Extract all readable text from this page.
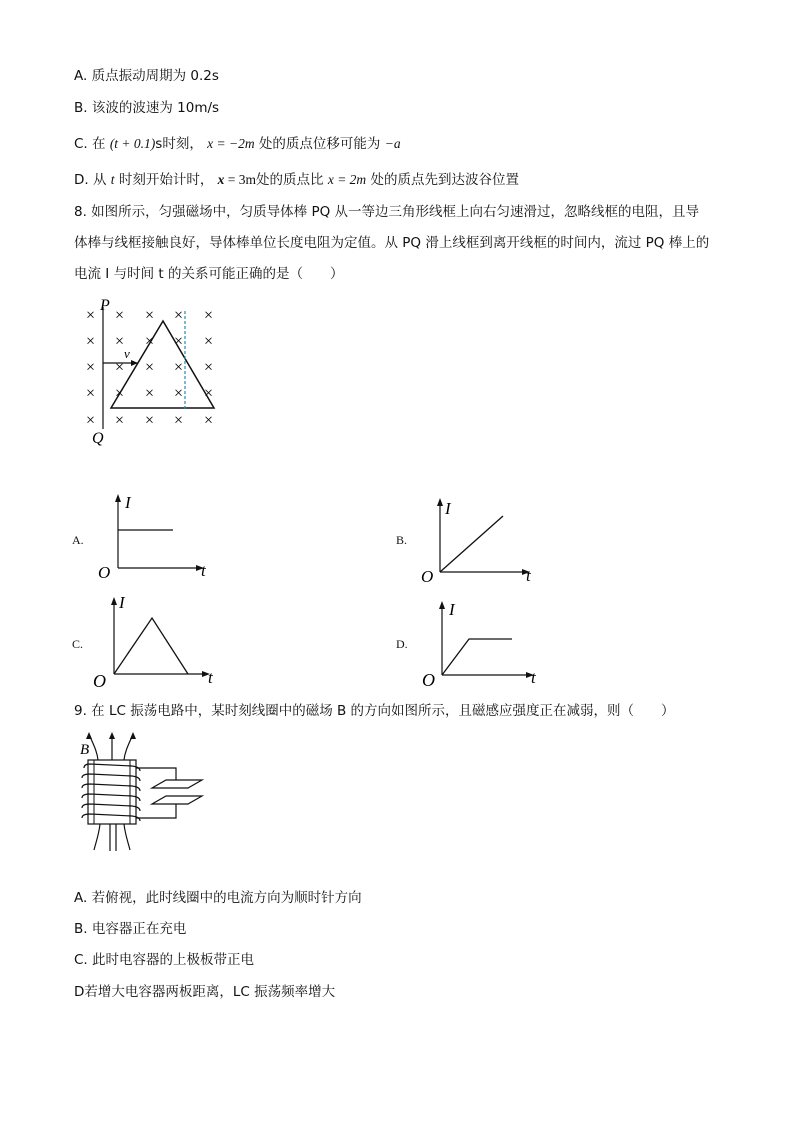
A. 质点振动周期为 0.2s
B. 该波的波速为 10m/s
C. 在 (t + 0.1)s时刻， x = −2m 处的质点位移可能为 −a
D. 从 t 时刻开始计时， x = 3m处的质点比 x = 2m 处的质点先到达波谷位置
8. 如图所示，匀强磁场中，匀质导体棒 PQ 从一等边三角形线框上向右匀速滑过，忽略线框的电阻，且导
体棒与线框接触良好，导体棒单位长度电阻为定值。从 PQ 滑上线框到离开线框的时间内，流过 PQ 棒上的
电流 I 与时间 t 的关系可能正确的是（　　）
×
×
×
×
×
×
×
×
×
×
×
×
×
×
×
×
×
×
×
×
×
×
×
×
×
P
Q
v
A.
I
t
O
B.
I
t
O
C.
I
t
O
D.
I
t
O
9. 在 LC 振荡电路中，某时刻线圈中的磁场 B 的方向如图所示，且磁感应强度正在减弱，则（　　）
B
A. 若俯视，此时线圈中的电流方向为顺时针方向
B. 电容器正在充电
C. 此时电容器的上极板带正电
D若增大电容器两板距离，LC 振荡频率增大
